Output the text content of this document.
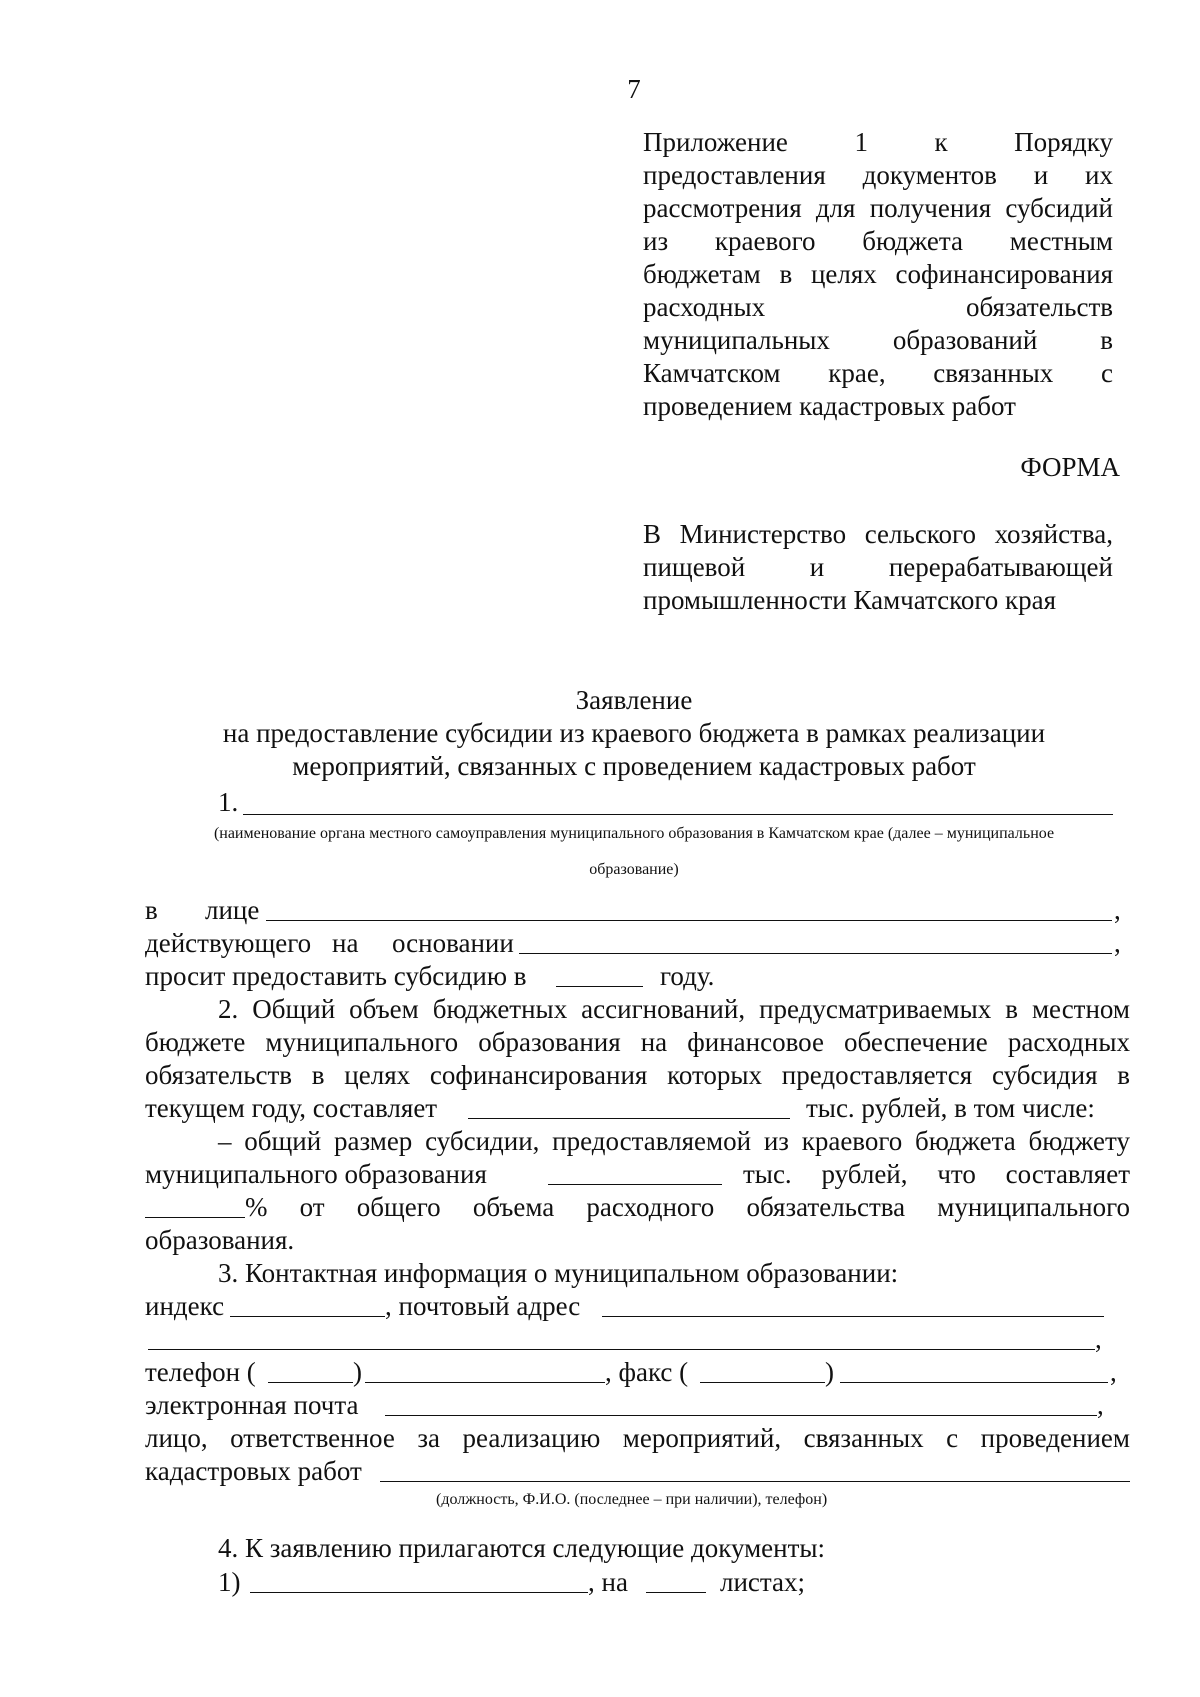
7
Приложение 1 к Порядку
предоставления документов и их
рассмотрения для получения субсидий
из краевого бюджета местным
бюджетам в целях софинансирования
расходных обязательств
муниципальных образований в
Камчатском крае, связанных с
проведением кадастровых работ
ФОРМА
В Министерство сельского хозяйства,
пищевой и перерабатывающей
промышленности Камчатского края
Заявление
на предоставление субсидии из краевого бюджета в рамках реализации
мероприятий, связанных с проведением кадастровых работ
1.
(наименование органа местного самоуправления муниципального образования в Камчатском крае (далее – муниципальное
образование)
в лице	,
действующего на основании	,
просит предоставить субсидию в	году.
2. Общий объем бюджетных ассигнований, предусматриваемых в местном
бюджете муниципального образования на финансовое обеспечение расходных
обязательств в целях софинансирования которых предоставляется субсидия в
текущем году, составляет	тыс. рублей, в том числе:
– общий размер субсидии, предоставляемой из краевого бюджета бюджету
муниципального образования	тыс. рублей, что составляет
% от общего объема расходного обязательства муниципального
образования.
3. Контактная информация о муниципальном образовании:
индекс	, почтовый адрес
,
телефон (	)	, факс (	)	,
электронная почта	,
лицо, ответственное за реализацию мероприятий, связанных с проведением
кадастровых работ
(должность, Ф.И.О. (последнее – при наличии), телефон)
4. К заявлению прилагаются следующие документы:
1)	, на	листах;
